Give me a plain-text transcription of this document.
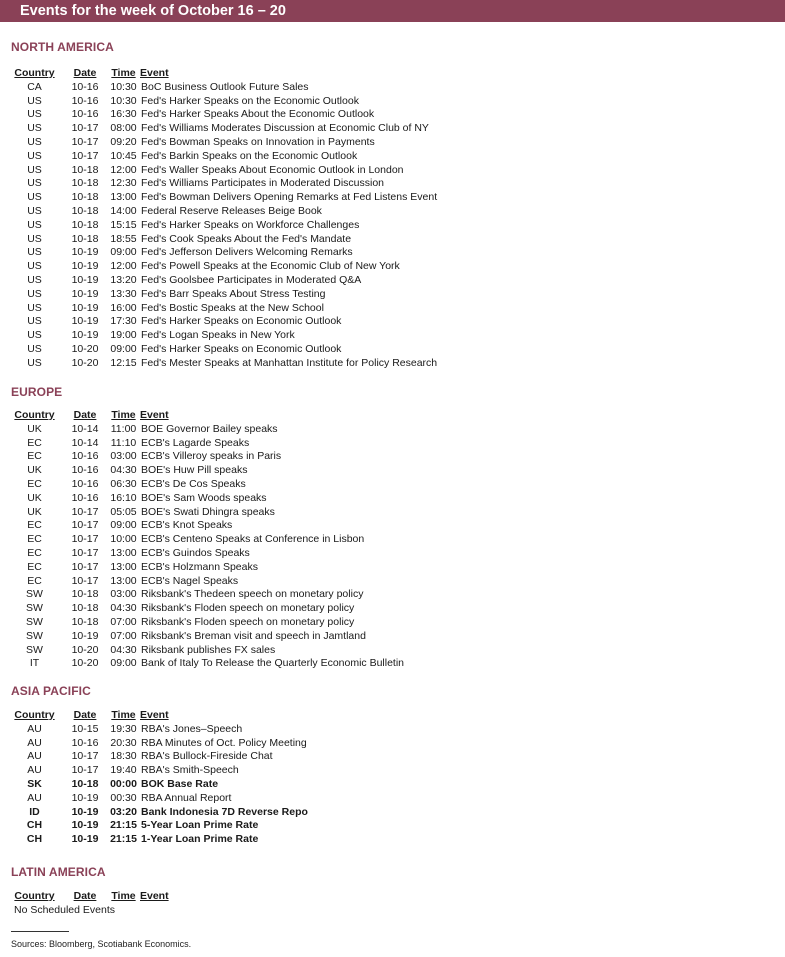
Events for the week of October 16 – 20
NORTH AMERICA
Country	Date	Time Event
CA	10-16	10:30 BoC Business Outlook Future Sales
US	10-16	10:30 Fed's Harker Speaks on the Economic Outlook
US	10-16	16:30 Fed's Harker Speaks About the Economic Outlook
US	10-17	08:00 Fed's Williams Moderates Discussion at Economic Club of NY
US	10-17	09:20 Fed's Bowman Speaks on Innovation in Payments
US	10-17	10:45 Fed's Barkin Speaks on the Economic Outlook
US	10-18	12:00 Fed's Waller Speaks About Economic Outlook in London
US	10-18	12:30 Fed's Williams Participates in Moderated Discussion
US	10-18	13:00 Fed's Bowman Delivers Opening Remarks at Fed Listens Event
US	10-18	14:00 Federal Reserve Releases Beige Book
US	10-18	15:15 Fed's Harker Speaks on Workforce Challenges
US	10-18	18:55 Fed's Cook Speaks About the Fed's Mandate
US	10-19	09:00 Fed's Jefferson Delivers Welcoming Remarks
US	10-19	12:00 Fed's Powell Speaks at the Economic Club of New York
US	10-19	13:20 Fed's Goolsbee Participates in Moderated Q&A
US	10-19	13:30 Fed's Barr Speaks About Stress Testing
US	10-19	16:00 Fed's Bostic Speaks at the New School
US	10-19	17:30 Fed's Harker Speaks on Economic Outlook
US	10-19	19:00 Fed's Logan Speaks in New York
US	10-20	09:00 Fed's Harker Speaks on Economic Outlook
US	10-20	12:15 Fed's Mester Speaks at Manhattan Institute for Policy Research
EUROPE
Country	Date	Time Event
UK	10-14	11:00 BOE Governor Bailey speaks
EC	10-14	11:10 ECB's Lagarde Speaks
EC	10-16	03:00 ECB's Villeroy speaks in Paris
UK	10-16	04:30 BOE's Huw Pill speaks
EC	10-16	06:30 ECB's De Cos Speaks
UK	10-16	16:10 BOE's Sam Woods speaks
UK	10-17	05:05 BOE's Swati Dhingra speaks
EC	10-17	09:00 ECB's Knot Speaks
EC	10-17	10:00 ECB's Centeno Speaks at Conference in Lisbon
EC	10-17	13:00 ECB's Guindos Speaks
EC	10-17	13:00 ECB's Holzmann Speaks
EC	10-17	13:00 ECB's Nagel Speaks
SW	10-18	03:00 Riksbank's Thedeen speech on monetary policy
SW	10-18	04:30 Riksbank's Floden speech on monetary policy
SW	10-18	07:00 Riksbank's Floden speech on monetary policy
SW	10-19	07:00 Riksbank's Breman visit and speech in Jamtland
SW	10-20	04:30 Riksbank publishes FX sales
IT	10-20	09:00 Bank of Italy To Release the Quarterly Economic Bulletin
ASIA PACIFIC
Country	Date	Time Event
AU	10-15	19:30 RBA's Jones–Speech
AU	10-16	20:30 RBA Minutes of Oct. Policy Meeting
AU	10-17	18:30 RBA's Bullock-Fireside Chat
AU	10-17	19:40 RBA's Smith-Speech
SK	10-18	00:00 BOK Base Rate
AU	10-19	00:30 RBA Annual Report
ID	10-19	03:20 Bank Indonesia 7D Reverse Repo
CH	10-19	21:15 5-Year Loan Prime Rate
CH	10-19	21:15 1-Year Loan Prime Rate
LATIN AMERICA
Country	Date	Time Event
No Scheduled Events
Sources: Bloomberg, Scotiabank Economics.
